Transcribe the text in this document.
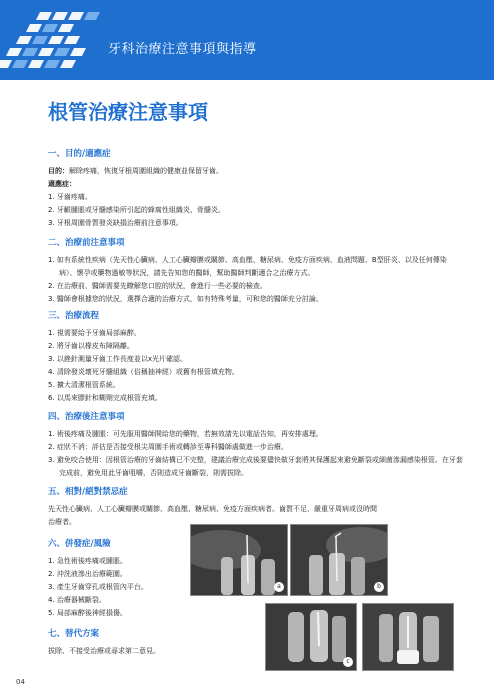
牙科治療注意事項與指導
根管治療注意事項
一、目的/適應症
目的：解除疼痛，恢復牙根周圍組織的健康並保留牙齒。
適應症：
1. 牙齒疼痛。
2. 牙齦腫脹或牙髓感染所引起的蜂窩性組織炎、骨髓炎。
3. 牙根周圍骨質發炎缺損治療前注意事項。
二、治療前注意事項
1. 如有系統性疾病（先天性心臟病、人工心臟瓣膜或關節、高血壓、糖尿病、免疫方面疾病、血液問題、B型肝炎、以及任何傳染病）、懷孕或藥物過敏等狀況，請先告知您的醫師，幫助醫師判斷適合之治療方式。
2. 在治療前，醫師需要先瞭解您口腔的狀況，會進行一些必要的檢查。
3. 醫師會根據您的狀況，選擇合適的治療方式，如有特殊考量，可和您的醫師充分討論。
三、治療流程
1. 視需要給予牙齒局部麻醉。
2. 將牙齒以橡皮布障隔離。
3. 以銼針測量牙齒工作長度並以x光片確認。
4. 清除發炎壞死牙髓組織（俗稱抽神經）或舊有根管填充物。
5. 擴大清潔根管系統。
6. 以馬來膠針和糊劑完成根管充填。
四、治療後注意事項
1. 術後疼痛及腫脹：可先服用醫師開給您的藥物，若無效請先以電話告知，再安排處理。
2. 症狀不消：評估是否接受根尖周圍手術或轉診至專科醫師處做進一步治療。
3. 避免咬合使用：因根管治療的牙齒結構已不完整，建議治療完成後要儘快做牙套將其保護起來避免斷裂或細菌滲漏感染根管。在牙套完成前，避免用此牙齒咀嚼，否則造成牙齒斷裂，則需拔除。
五、相對/絕對禁忌症
先天性心臟病、人工心臟瓣膜或關節、高血壓、糖尿病、免疫方面疾病者。齒質不足、嚴重牙周病或沒時間治療者。
六、併發症/風險
1. 急性術後疼痛或腫脹。
2. 沖洗液滲出治療範圍。
3. 產生牙齒穿孔或根管內平台。
4. 治療器械斷裂。
5. 局部麻醉後神經損傷。
七、替代方案
拔除、不接受治療或尋求第二意見。
a	b
c
04
